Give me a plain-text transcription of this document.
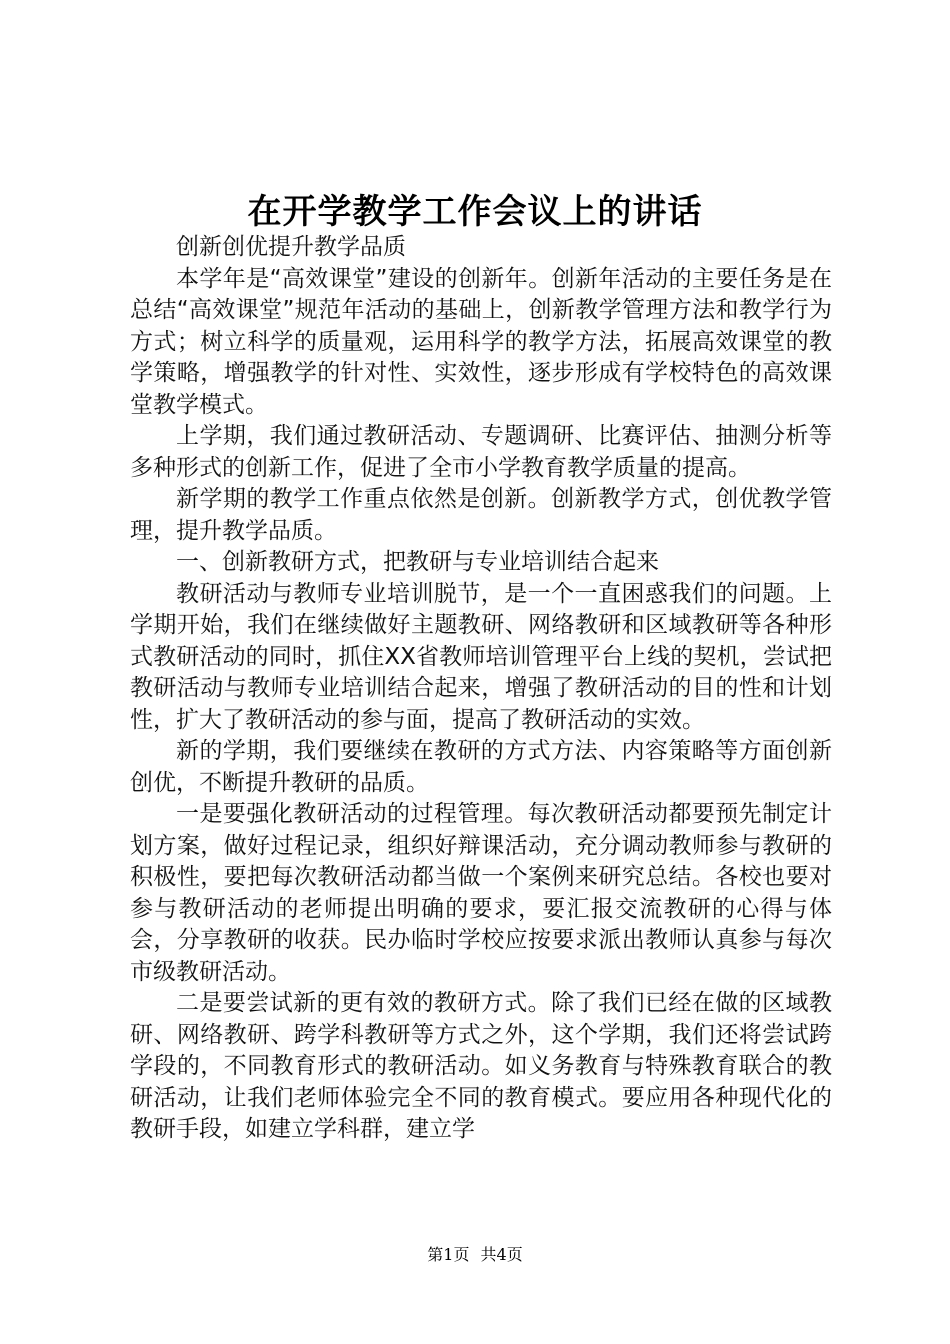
在开学教学工作会议上的讲话

创新创优提升教学品质

本学年是“高效课堂”建设的创新年。创新年活动的主要任务是在总结“高效课堂”规范年活动的基础上，创新教学管理方法和教学行为方式；树立科学的质量观，运用科学的教学方法，拓展高效课堂的教学策略，增强教学的针对性、实效性，逐步形成有学校特色的高效课堂教学模式。

上学期，我们通过教研活动、专题调研、比赛评估、抽测分析等多种形式的创新工作，促进了全市小学教育教学质量的提高。

新学期的教学工作重点依然是创新。创新教学方式，创优教学管理，提升教学品质。

一、创新教研方式，把教研与专业培训结合起来

教研活动与教师专业培训脱节，是一个一直困惑我们的问题。上学期开始，我们在继续做好主题教研、网络教研和区域教研等各种形式教研活动的同时，抓住XX省教师培训管理平台上线的契机，尝试把教研活动与教师专业培训结合起来，增强了教研活动的目的性和计划性，扩大了教研活动的参与面，提高了教研活动的实效。

新的学期，我们要继续在教研的方式方法、内容策略等方面创新创优，不断提升教研的品质。

一是要强化教研活动的过程管理。每次教研活动都要预先制定计划方案，做好过程记录，组织好辩课活动，充分调动教师参与教研的积极性，要把每次教研活动都当做一个案例来研究总结。各校也要对参与教研活动的老师提出明确的要求，要汇报交流教研的心得与体会，分享教研的收获。民办临时学校应按要求派出教师认真参与每次市级教研活动。

二是要尝试新的更有效的教研方式。除了我们已经在做的区域教研、网络教研、跨学科教研等方式之外，这个学期，我们还将尝试跨学段的，不同教育形式的教研活动。如义务教育与特殊教育联合的教研活动，让我们老师体验完全不同的教育模式。要应用各种现代化的教研手段，如建立学科群，建立学

第1页 共4页
